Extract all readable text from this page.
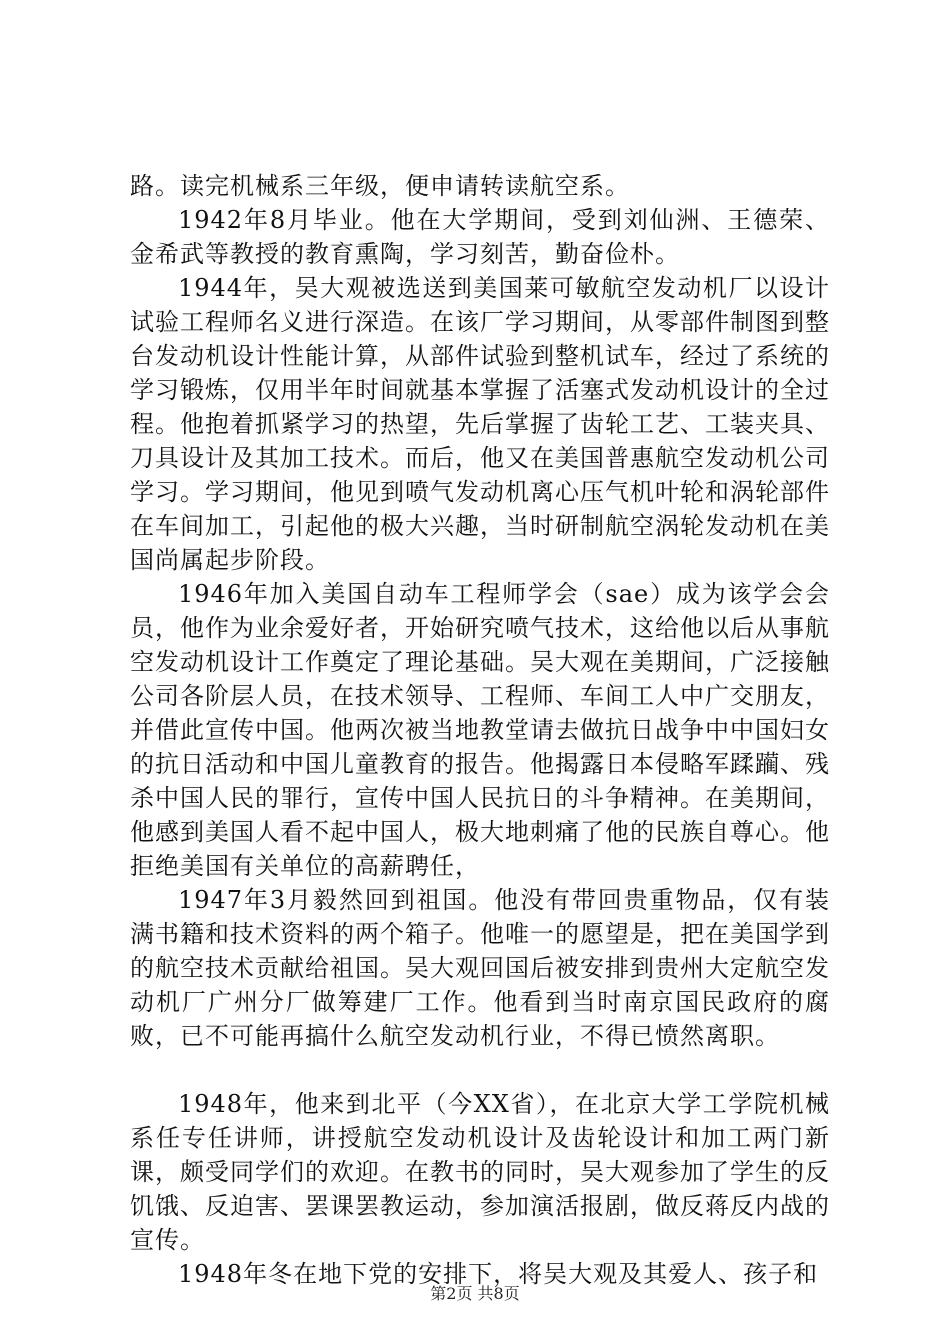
路。读完机械系三年级，便申请转读航空系。

1942年8月毕业。他在大学期间，受到刘仙洲、王德荣、金希武等教授的教育熏陶，学习刻苦，勤奋俭朴。

1944年，吴大观被选送到美国莱可敏航空发动机厂以设计试验工程师名义进行深造。在该厂学习期间，从零部件制图到整台发动机设计性能计算，从部件试验到整机试车，经过了系统的学习锻炼，仅用半年时间就基本掌握了活塞式发动机设计的全过程。他抱着抓紧学习的热望，先后掌握了齿轮工艺、工装夹具、刀具设计及其加工技术。而后，他又在美国普惠航空发动机公司学习。学习期间，他见到喷气发动机离心压气机叶轮和涡轮部件在车间加工，引起他的极大兴趣，当时研制航空涡轮发动机在美国尚属起步阶段。

1946年加入美国自动车工程师学会（sae）成为该学会会员，他作为业余爱好者，开始研究喷气技术，这给他以后从事航空发动机设计工作奠定了理论基础。吴大观在美期间，广泛接触公司各阶层人员，在技术领导、工程师、车间工人中广交朋友，并借此宣传中国。他两次被当地教堂请去做抗日战争中中国妇女的抗日活动和中国儿童教育的报告。他揭露日本侵略军蹂躏、残杀中国人民的罪行，宣传中国人民抗日的斗争精神。在美期间，他感到美国人看不起中国人，极大地刺痛了他的民族自尊心。他拒绝美国有关单位的高薪聘任，

1947年3月毅然回到祖国。他没有带回贵重物品，仅有装满书籍和技术资料的两个箱子。他唯一的愿望是，把在美国学到的航空技术贡献给祖国。吴大观回国后被安排到贵州大定航空发动机厂广州分厂做筹建厂工作。他看到当时南京国民政府的腐败，已不可能再搞什么航空发动机行业，不得已愤然离职。

1948年，他来到北平（今XX省），在北京大学工学院机械系任专任讲师，讲授航空发动机设计及齿轮设计和加工两门新课，颇受同学们的欢迎。在教书的同时，吴大观参加了学生的反饥饿、反迫害、罢课罢教运动，参加演活报剧，做反蒋反内战的宣传。

1948年冬在地下党的安排下，将吴大观及其爱人、孩子和

第2页 共8页
